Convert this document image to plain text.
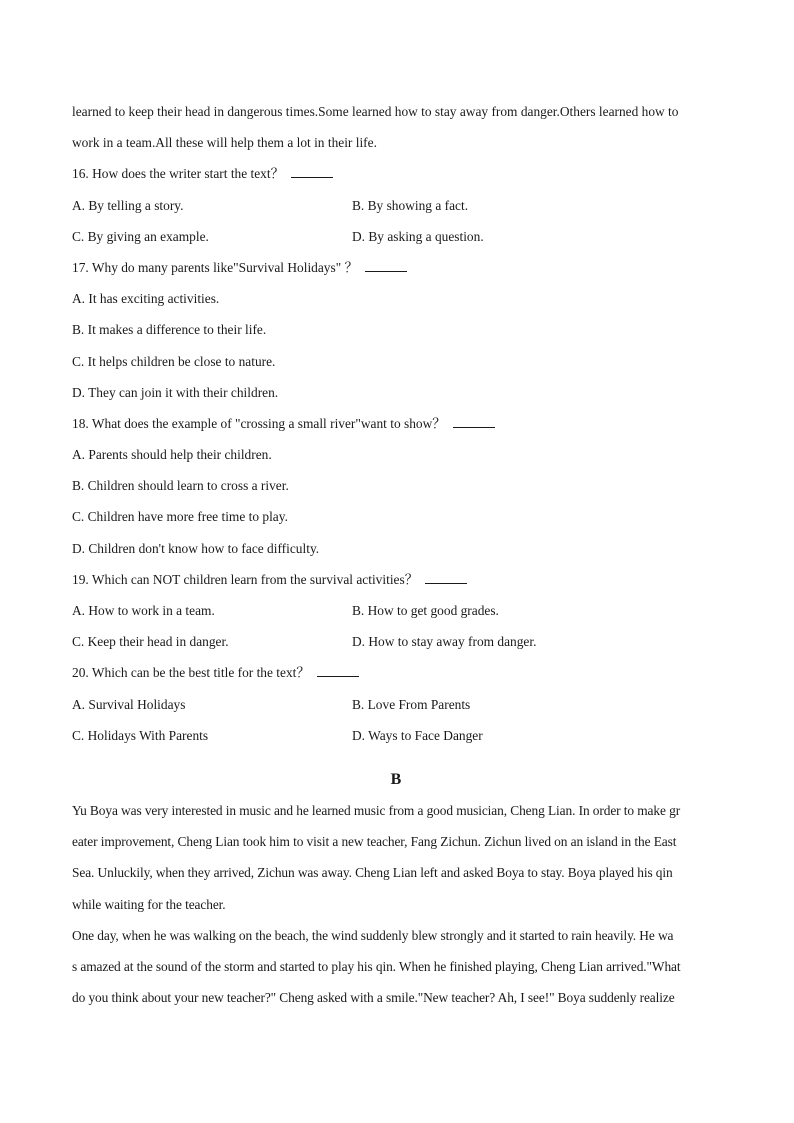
learned to keep their head in dangerous times.Some learned how to stay away from danger.Others learned how to
work in a team.All these will help them a lot in their life.
16. How does the writer start the text？
A. By telling a story.	B. By showing a fact.
C. By giving an example.	D. By asking a question.
17. Why do many parents like"Survival Holidays" ？
A. It has exciting activities.
B. It makes a difference to their life.
C. It helps children be close to nature.
D. They can join it with their children.
18. What does the example of "crossing a small river"want to show？
A. Parents should help their children.
B. Children should learn to cross a river.
C. Children have more free time to play.
D. Children don't know how to face difficulty.
19. Which can NOT children learn from the survival activities？
A. How to work in a team.	B. How to get good grades.
C. Keep their head in danger.	D. How to stay away from danger.
20. Which can be the best title for the text？
A. Survival Holidays	B. Love From Parents
C. Holidays With Parents	D. Ways to Face Danger
B
Yu Boya was very interested in music and he learned music from a good musician, Cheng Lian. In order to make gr
eater improvement, Cheng Lian took him to visit a new teacher, Fang Zichun. Zichun lived on an island in the East
Sea. Unluckily, when they arrived, Zichun was away. Cheng Lian left and asked Boya to stay. Boya played his qin
while waiting for the teacher.
One day, when he was walking on the beach, the wind suddenly blew strongly and it started to rain heavily. He wa
s amazed at the sound of the storm and started to play his qin. When he finished playing, Cheng Lian arrived."What
do you think about your new teacher?" Cheng asked with a smile."New teacher? Ah, I see!" Boya suddenly realize
